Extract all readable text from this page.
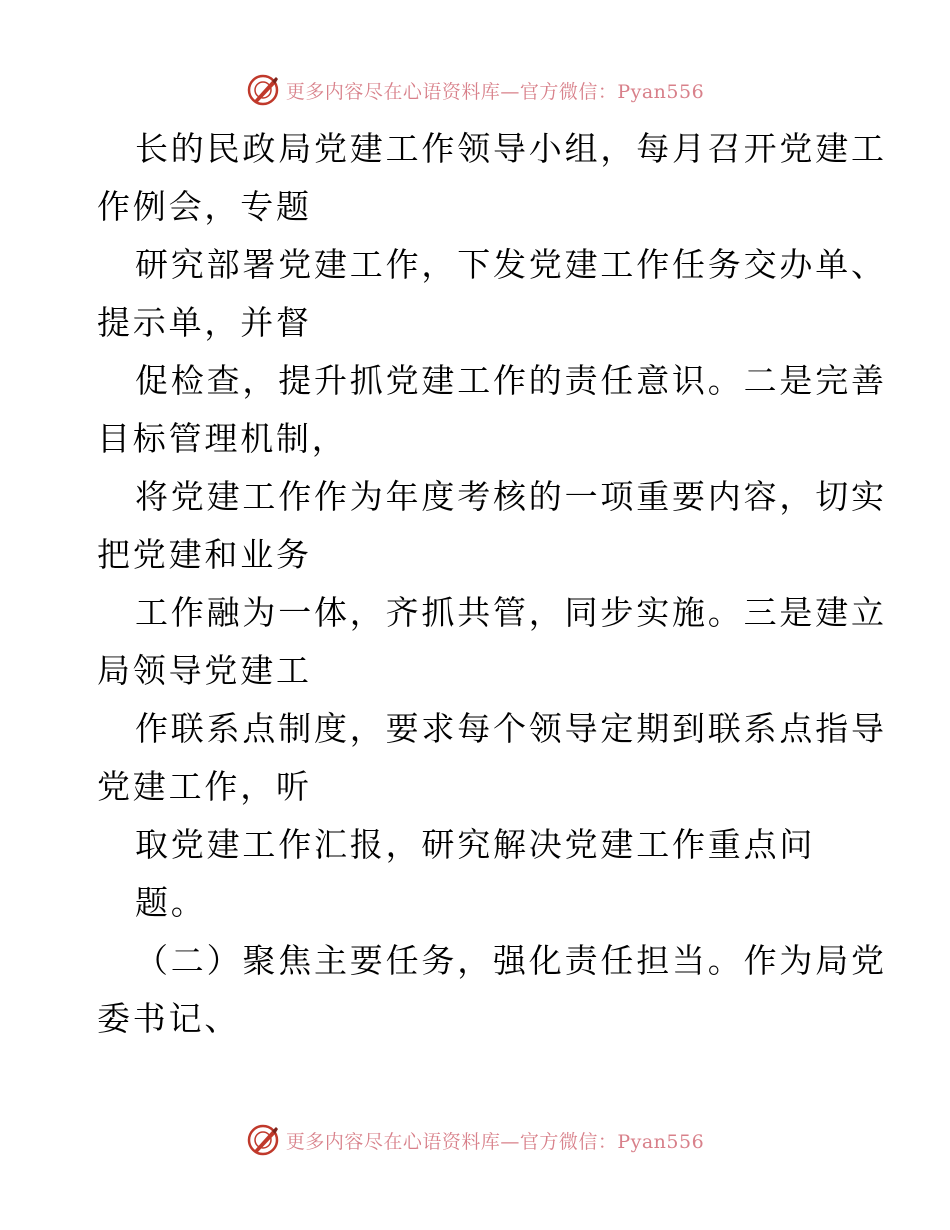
更多内容尽在心语资料库—官方微信：Pyan556
长的民政局党建工作领导小组，每月召开党建工
作例会，专题
研究部署党建工作，下发党建工作任务交办单、
提示单，并督
促检查，提升抓党建工作的责任意识。二是完善
目标管理机制，
将党建工作作为年度考核的一项重要内容，切实
把党建和业务
工作融为一体，齐抓共管，同步实施。三是建立
局领导党建工
作联系点制度，要求每个领导定期到联系点指导
党建工作，听
取党建工作汇报，研究解决党建工作重点问
题。
（二）聚焦主要任务，强化责任担当。作为局党
委书记、
更多内容尽在心语资料库—官方微信：Pyan556
